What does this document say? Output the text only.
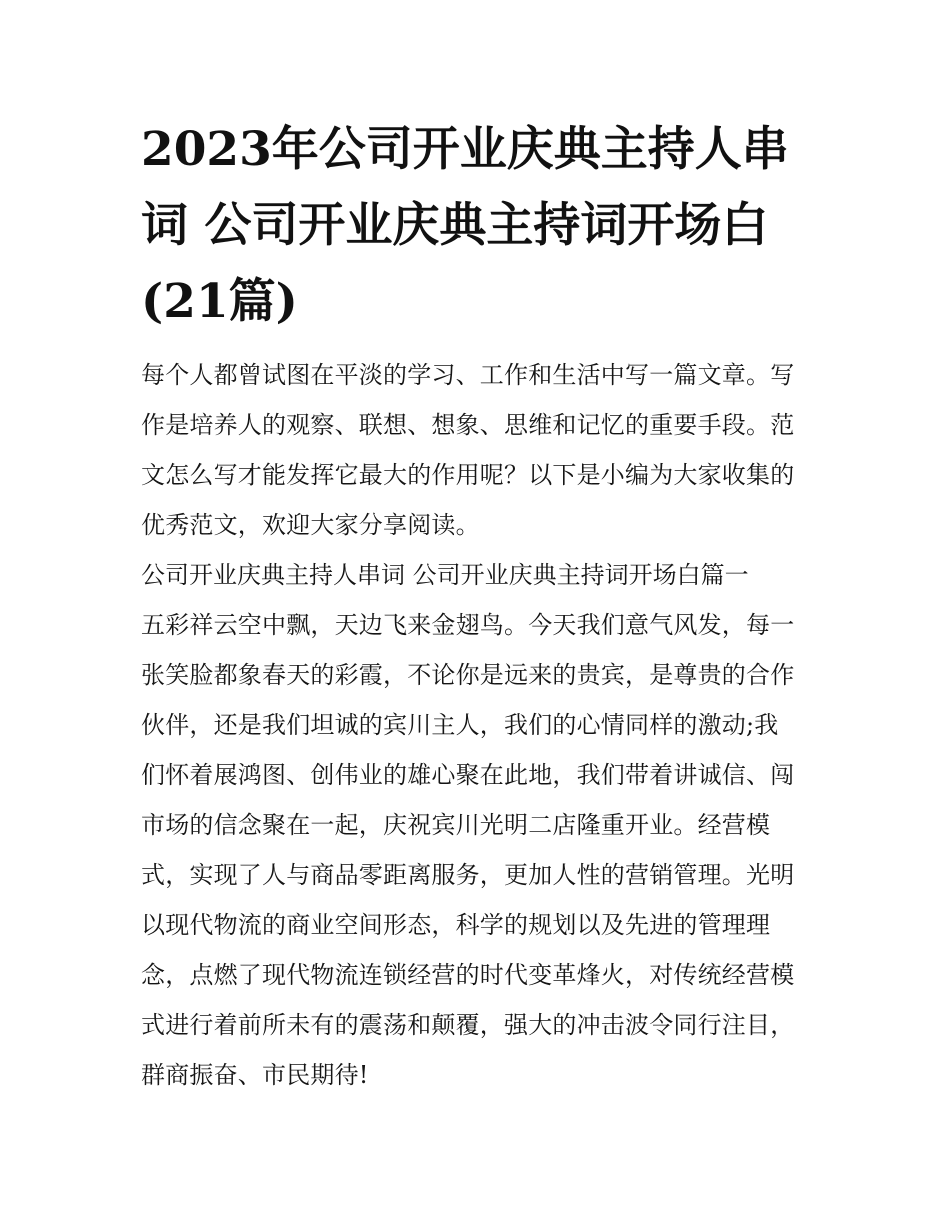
2023年公司开业庆典主持人串
词 公司开业庆典主持词开场白
(21篇)

每个人都曾试图在平淡的学习、工作和生活中写一篇文章。写
作是培养人的观察、联想、想象、思维和记忆的重要手段。范
文怎么写才能发挥它最大的作用呢？以下是小编为大家收集的
优秀范文，欢迎大家分享阅读。

公司开业庆典主持人串词 公司开业庆典主持词开场白篇一

五彩祥云空中飘，天边飞来金翅鸟。今天我们意气风发，每一
张笑脸都象春天的彩霞，不论你是远来的贵宾，是尊贵的合作
伙伴，还是我们坦诚的宾川主人，我们的心情同样的激动;我
们怀着展鸿图、创伟业的雄心聚在此地，我们带着讲诚信、闯
市场的信念聚在一起，庆祝宾川光明二店隆重开业。经营模
式，实现了人与商品零距离服务，更加人性的营销管理。光明
以现代物流的商业空间形态，科学的规划以及先进的管理理
念，点燃了现代物流连锁经营的时代变革烽火，对传统经营模
式进行着前所未有的震荡和颠覆，强大的冲击波令同行注目，
群商振奋、市民期待!
